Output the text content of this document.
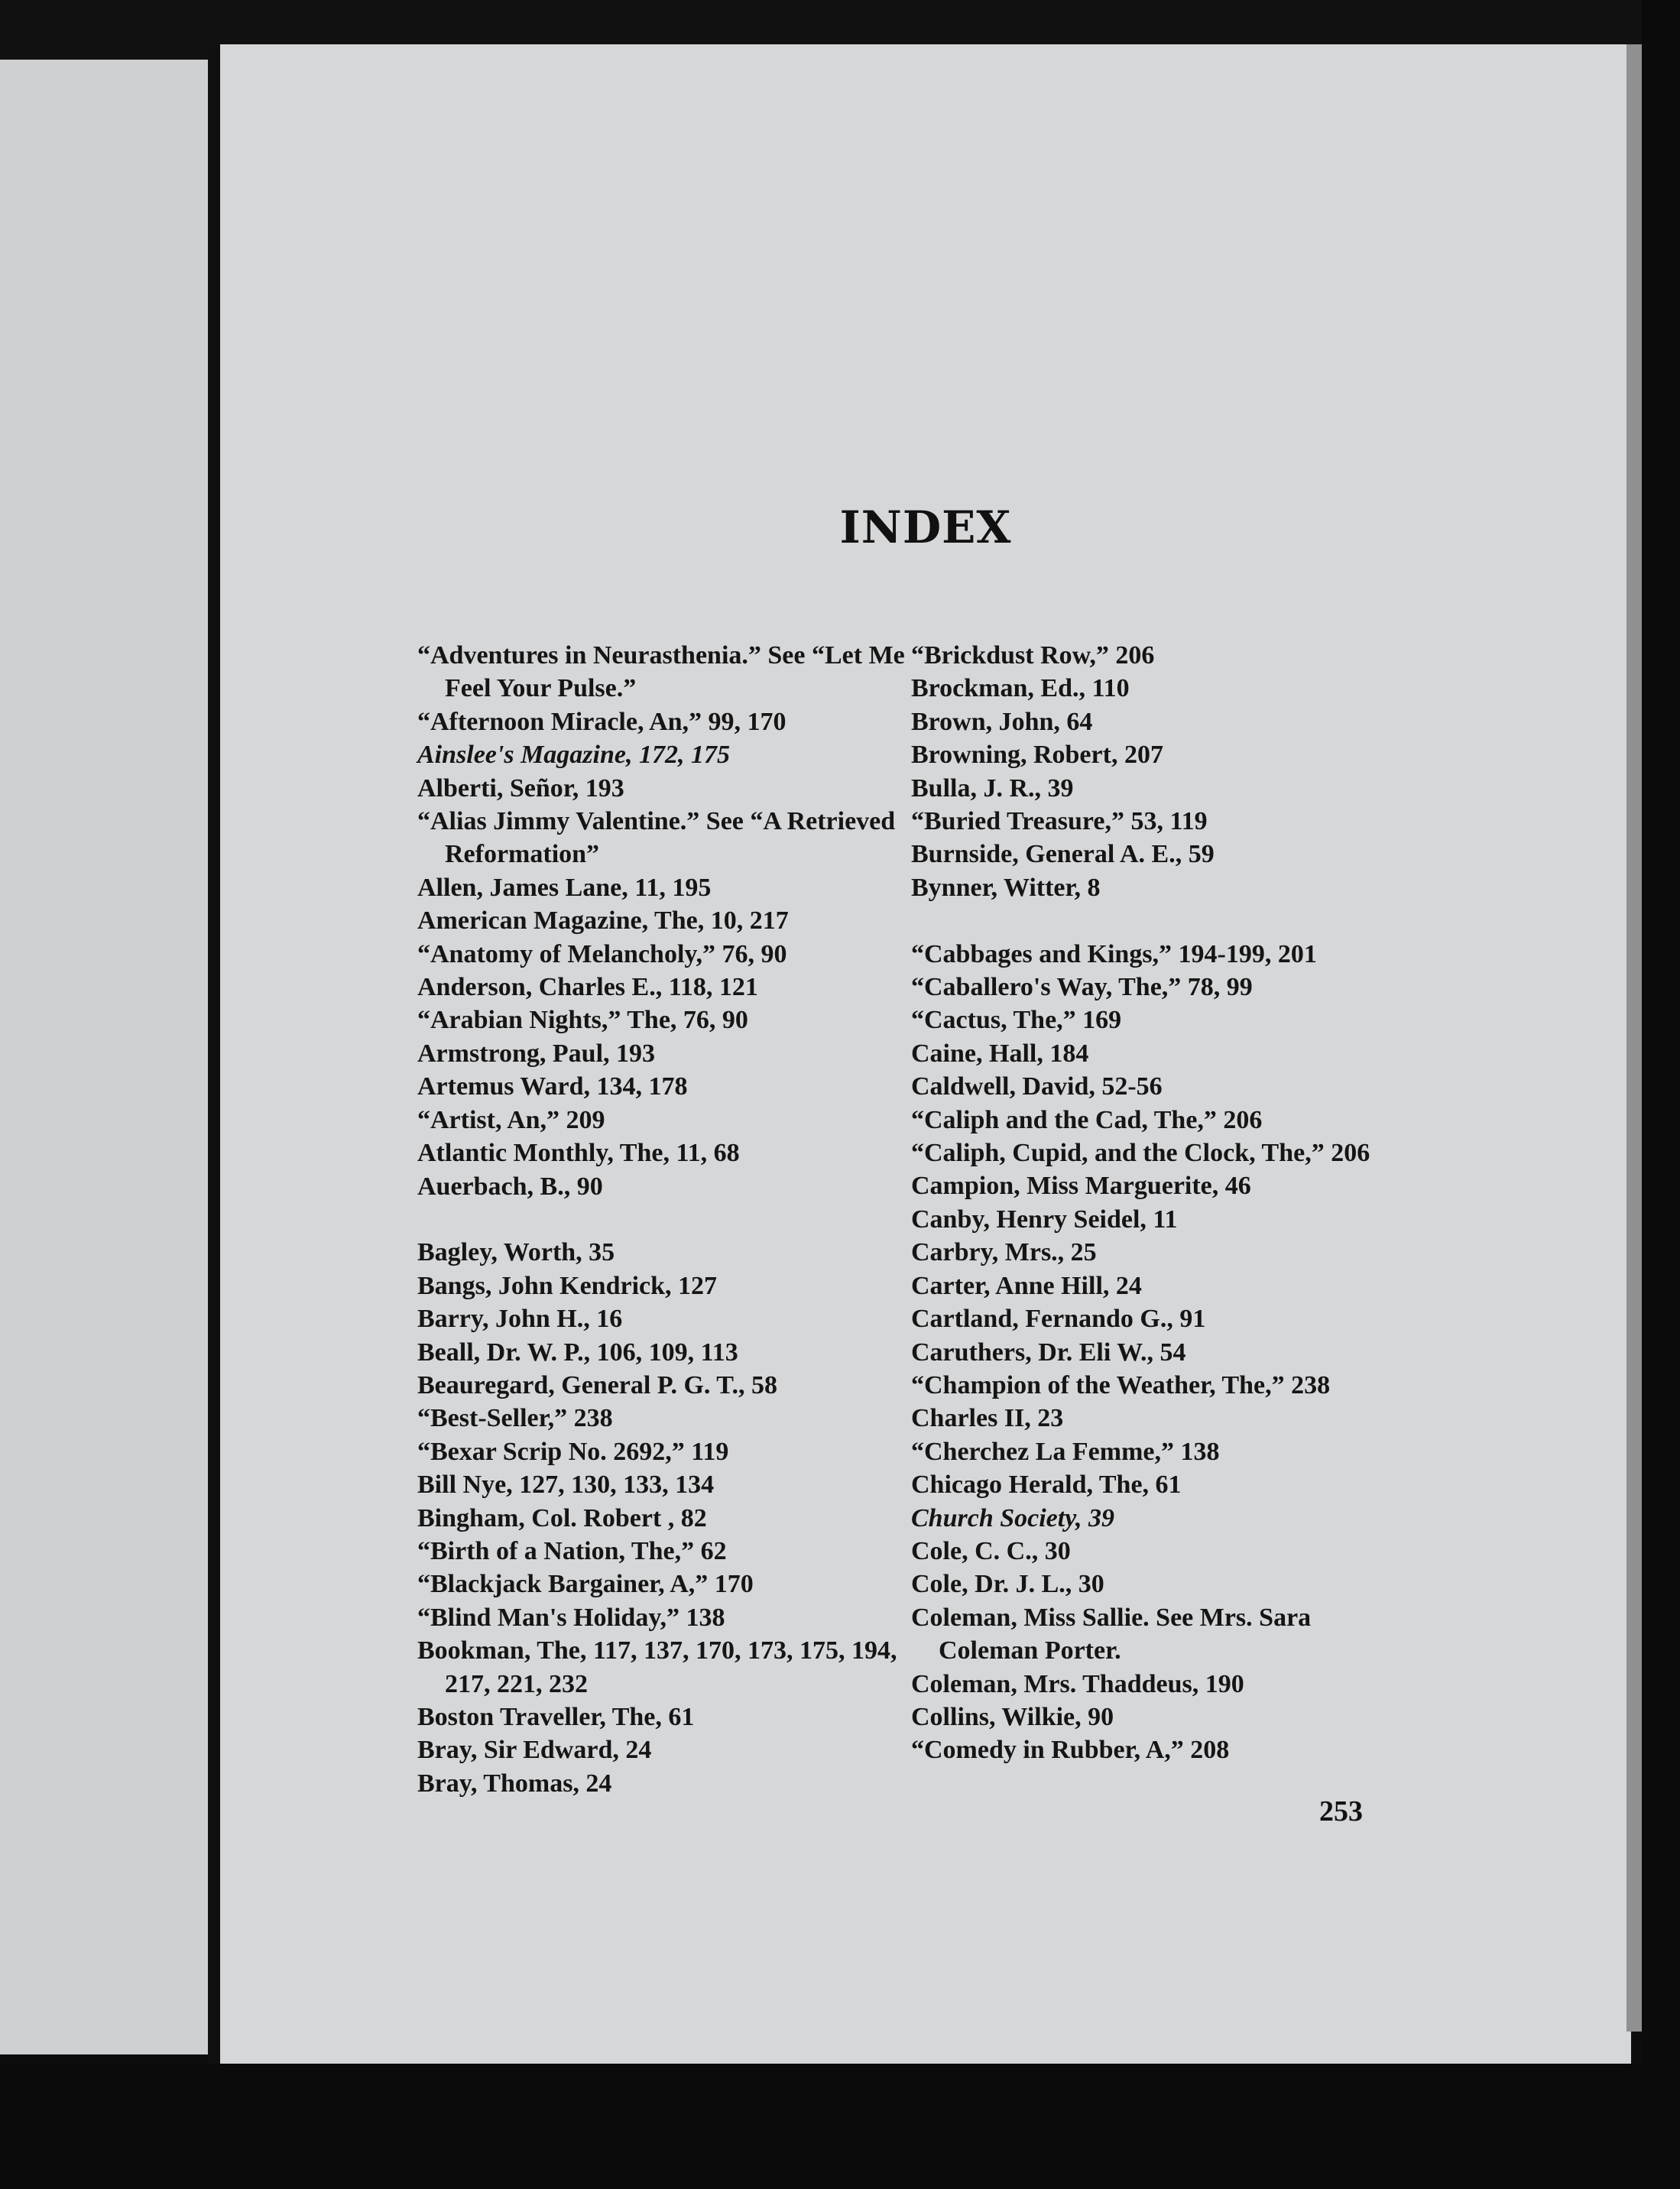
INDEX

“Adventures in Neurasthenia.” See “Let Me Feel Your Pulse.”

“Afternoon Miracle, An,” 99, 170

Ainslee's Magazine, 172, 175

Alberti, Señor, 193

“Alias Jimmy Valentine.” See “A Retrieved Reformation”

Allen, James Lane, 11, 195

American Magazine, The, 10, 217

“Anatomy of Melancholy,” 76, 90

Anderson, Charles E., 118, 121

“Arabian Nights,” The, 76, 90

Armstrong, Paul, 193

Artemus Ward, 134, 178

“Artist, An,” 209

Atlantic Monthly, The, 11, 68

Auerbach, B., 90

Bagley, Worth, 35

Bangs, John Kendrick, 127

Barry, John H., 16

Beall, Dr. W. P., 106, 109, 113

Beauregard, General P. G. T., 58

“Best-Seller,” 238

“Bexar Scrip No. 2692,” 119

Bill Nye, 127, 130, 133, 134

Bingham, Col. Robert , 82

“Birth of a Nation, The,” 62

“Blackjack Bargainer, A,” 170

“Blind Man's Holiday,” 138

Bookman, The, 117, 137, 170, 173, 175, 194, 217, 221, 232

Boston Traveller, The, 61

Bray, Sir Edward, 24

Bray, Thomas, 24

“Brickdust Row,” 206

Brockman, Ed., 110

Brown, John, 64

Browning, Robert, 207

Bulla, J. R., 39

“Buried Treasure,” 53, 119

Burnside, General A. E., 59

Bynner, Witter, 8

“Cabbages and Kings,” 194-199, 201

“Caballero's Way, The,” 78, 99

“Cactus, The,” 169

Caine, Hall, 184

Caldwell, David, 52-56

“Caliph and the Cad, The,” 206

“Caliph, Cupid, and the Clock, The,” 206

Campion, Miss Marguerite, 46

Canby, Henry Seidel, 11

Carbry, Mrs., 25

Carter, Anne Hill, 24

Cartland, Fernando G., 91

Caruthers, Dr. Eli W., 54

“Champion of the Weather, The,” 238

Charles II, 23

“Cherchez La Femme,” 138

Chicago Herald, The, 61

Church Society, 39

Cole, C. C., 30

Cole, Dr. J. L., 30

Coleman, Miss Sallie. See Mrs. Sara Coleman Porter.

Coleman, Mrs. Thaddeus, 190

Collins, Wilkie, 90

“Comedy in Rubber, A,” 208

253
